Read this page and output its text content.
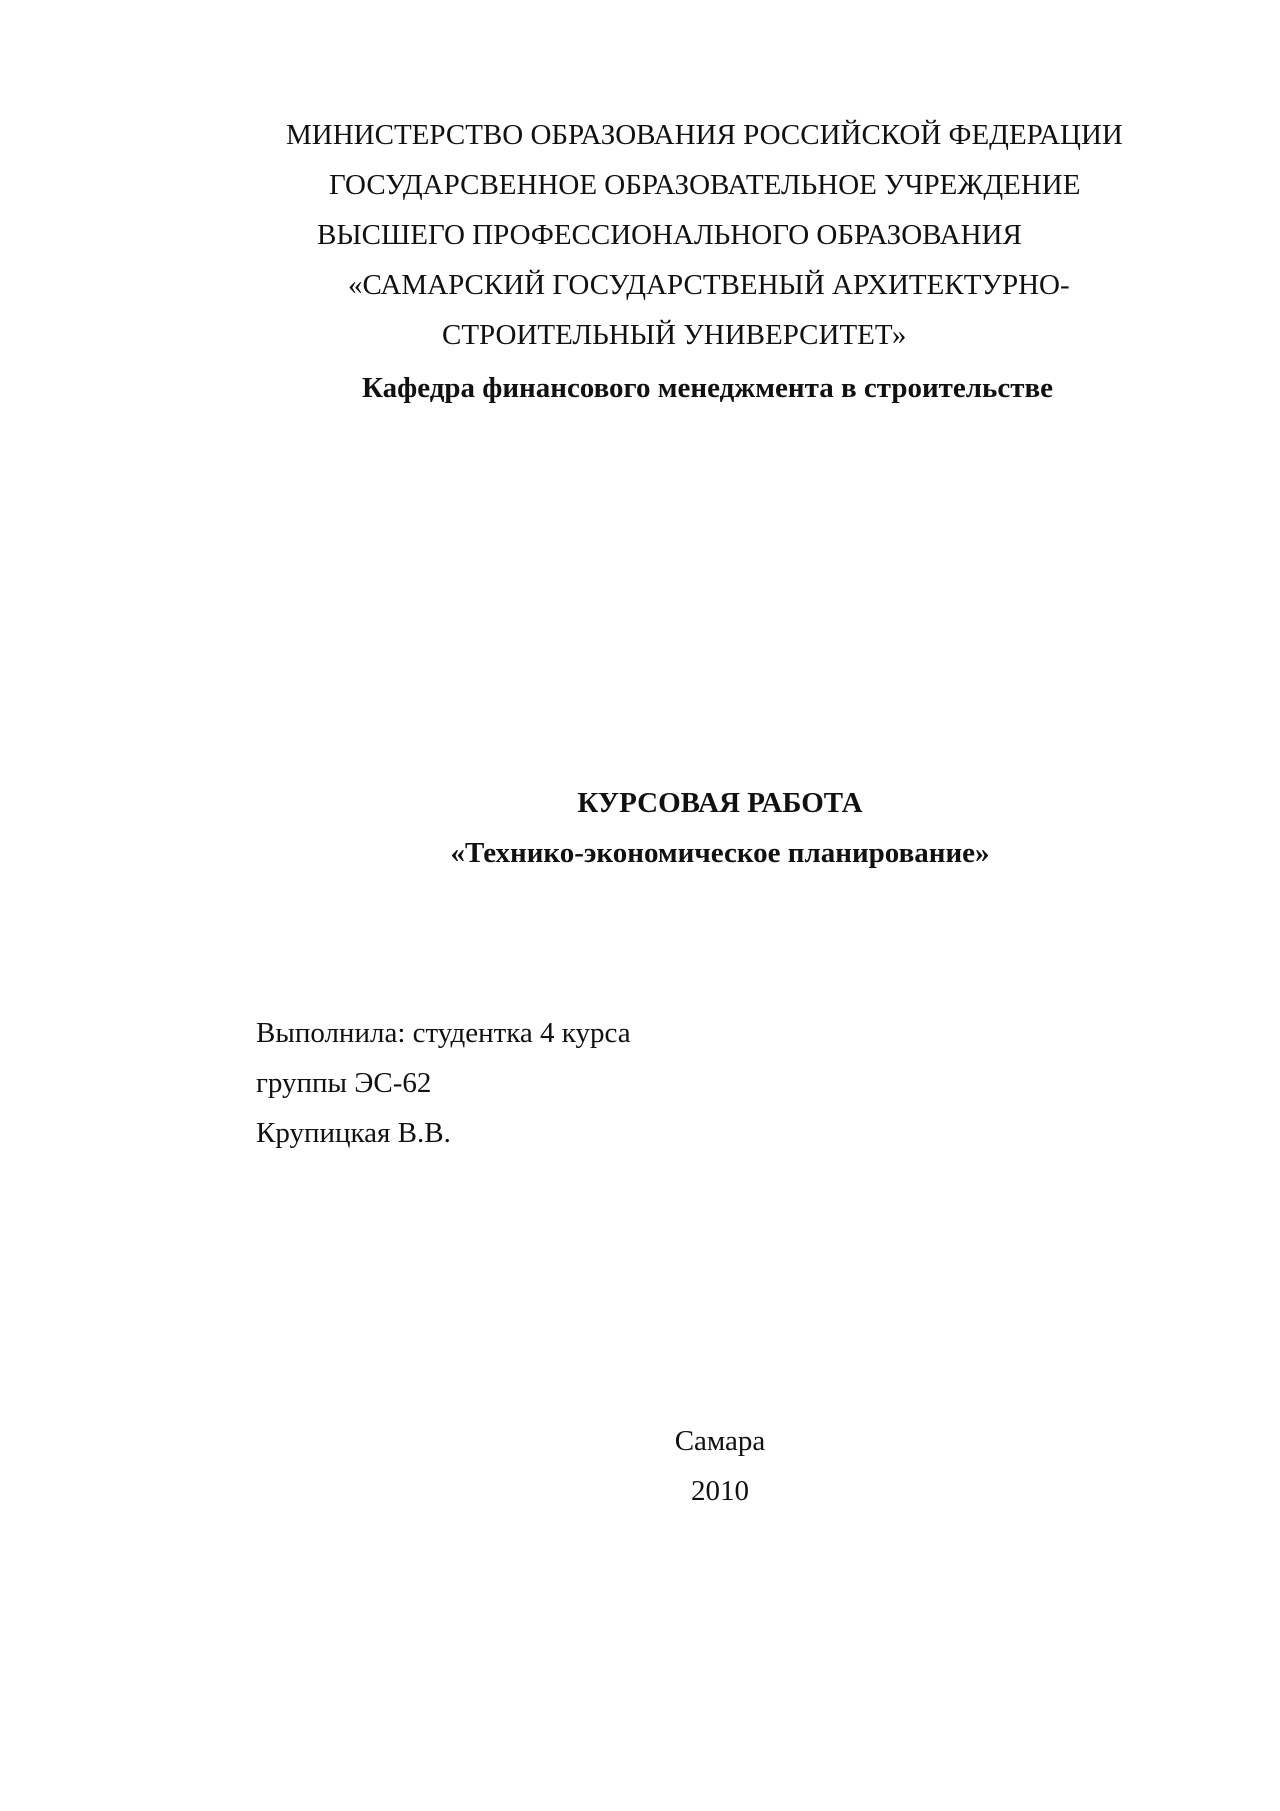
МИНИСТЕРСТВО ОБРАЗОВАНИЯ РОССИЙСКОЙ ФЕДЕРАЦИИ
ГОСУДАРСВЕННОЕ ОБРАЗОВАТЕЛЬНОЕ УЧРЕЖДЕНИЕ
ВЫСШЕГО ПРОФЕССИОНАЛЬНОГО ОБРАЗОВАНИЯ
«САМАРСКИЙ ГОСУДАРСТВЕНЫЙ АРХИТЕКТУРНО-
СТРОИТЕЛЬНЫЙ УНИВЕРСИТЕТ»
Кафедра финансового менеджмента в строительстве
КУРСОВАЯ РАБОТА
«Технико-экономическое планирование»
Выполнила: студентка 4 курса
группы ЭС-62
Крупицкая В.В.
Самара
2010
